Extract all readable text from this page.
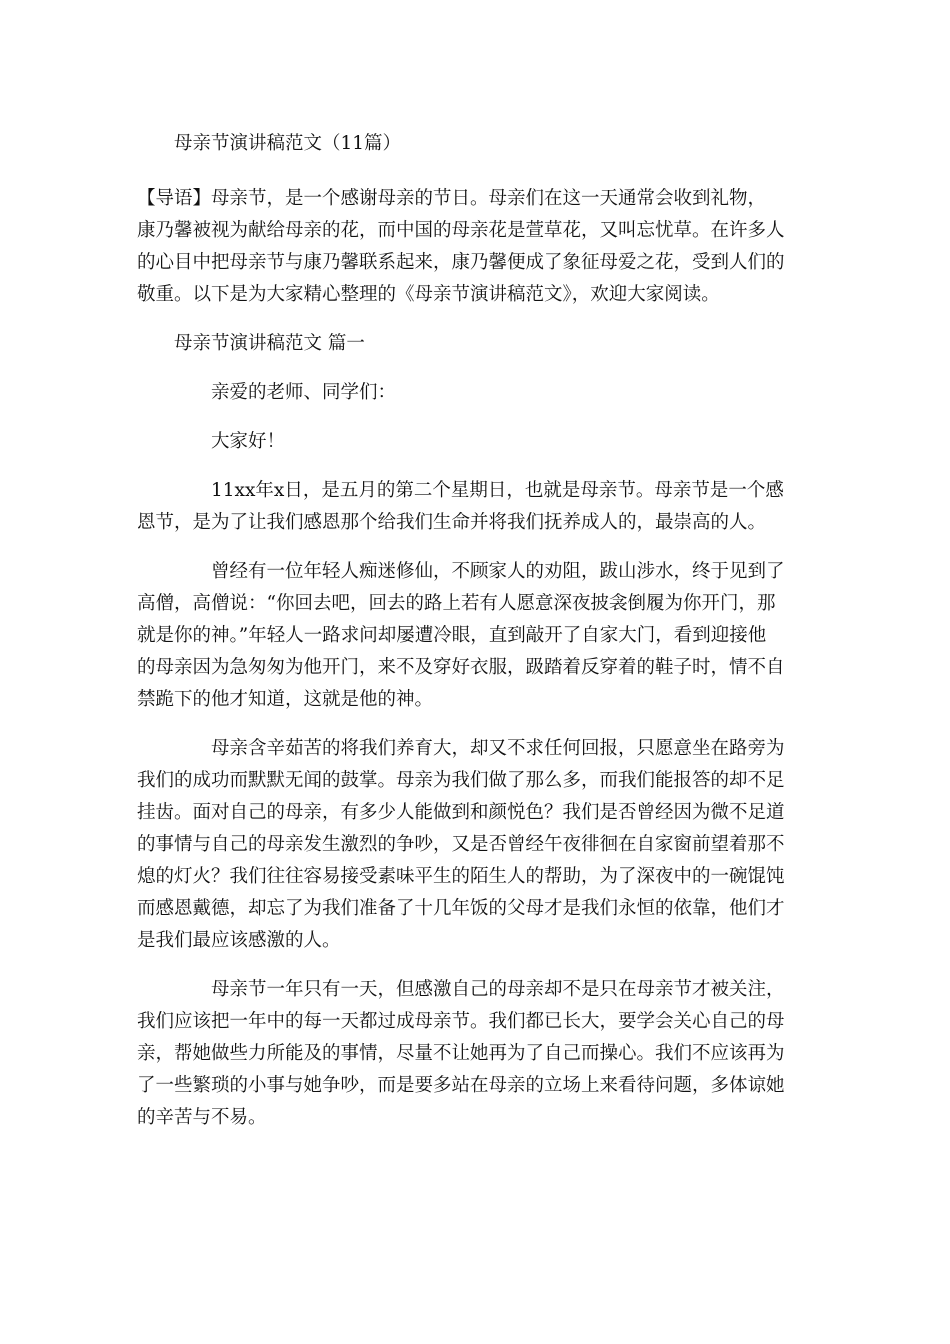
母亲节演讲稿范文（11篇）
【导语】母亲节，是一个感谢母亲的节日。母亲们在这一天通常会收到礼物，
康乃馨被视为献给母亲的花，而中国的母亲花是萱草花，又叫忘忧草。在许多人
的心目中把母亲节与康乃馨联系起来，康乃馨便成了象征母爱之花，受到人们的
敬重。以下是为大家精心整理的《母亲节演讲稿范文》，欢迎大家阅读。
母亲节演讲稿范文 篇一
亲爱的老师、同学们：
大家好！
11xx年x日，是五月的第二个星期日，也就是母亲节。母亲节是一个感
恩节，是为了让我们感恩那个给我们生命并将我们抚养成人的，最崇高的人。
曾经有一位年轻人痴迷修仙，不顾家人的劝阻，跋山涉水，终于见到了
高僧，高僧说：“你回去吧，回去的路上若有人愿意深夜披衾倒履为你开门，那
就是你的神。”年轻人一路求问却屡遭冷眼，直到敲开了自家大门，看到迎接他
的母亲因为急匆匆为他开门，来不及穿好衣服，趿踏着反穿着的鞋子时，情不自
禁跪下的他才知道，这就是他的神。
母亲含辛茹苦的将我们养育大，却又不求任何回报，只愿意坐在路旁为
我们的成功而默默无闻的鼓掌。母亲为我们做了那么多，而我们能报答的却不足
挂齿。面对自己的母亲，有多少人能做到和颜悦色？我们是否曾经因为微不足道
的事情与自己的母亲发生激烈的争吵，又是否曾经午夜徘徊在自家窗前望着那不
熄的灯火？我们往往容易接受素味平生的陌生人的帮助，为了深夜中的一碗馄饨
而感恩戴德，却忘了为我们准备了十几年饭的父母才是我们永恒的依靠，他们才
是我们最应该感激的人。
母亲节一年只有一天，但感激自己的母亲却不是只在母亲节才被关注，
我们应该把一年中的每一天都过成母亲节。我们都已长大，要学会关心自己的母
亲，帮她做些力所能及的事情，尽量不让她再为了自己而操心。我们不应该再为
了一些繁琐的小事与她争吵，而是要多站在母亲的立场上来看待问题，多体谅她
的辛苦与不易。
